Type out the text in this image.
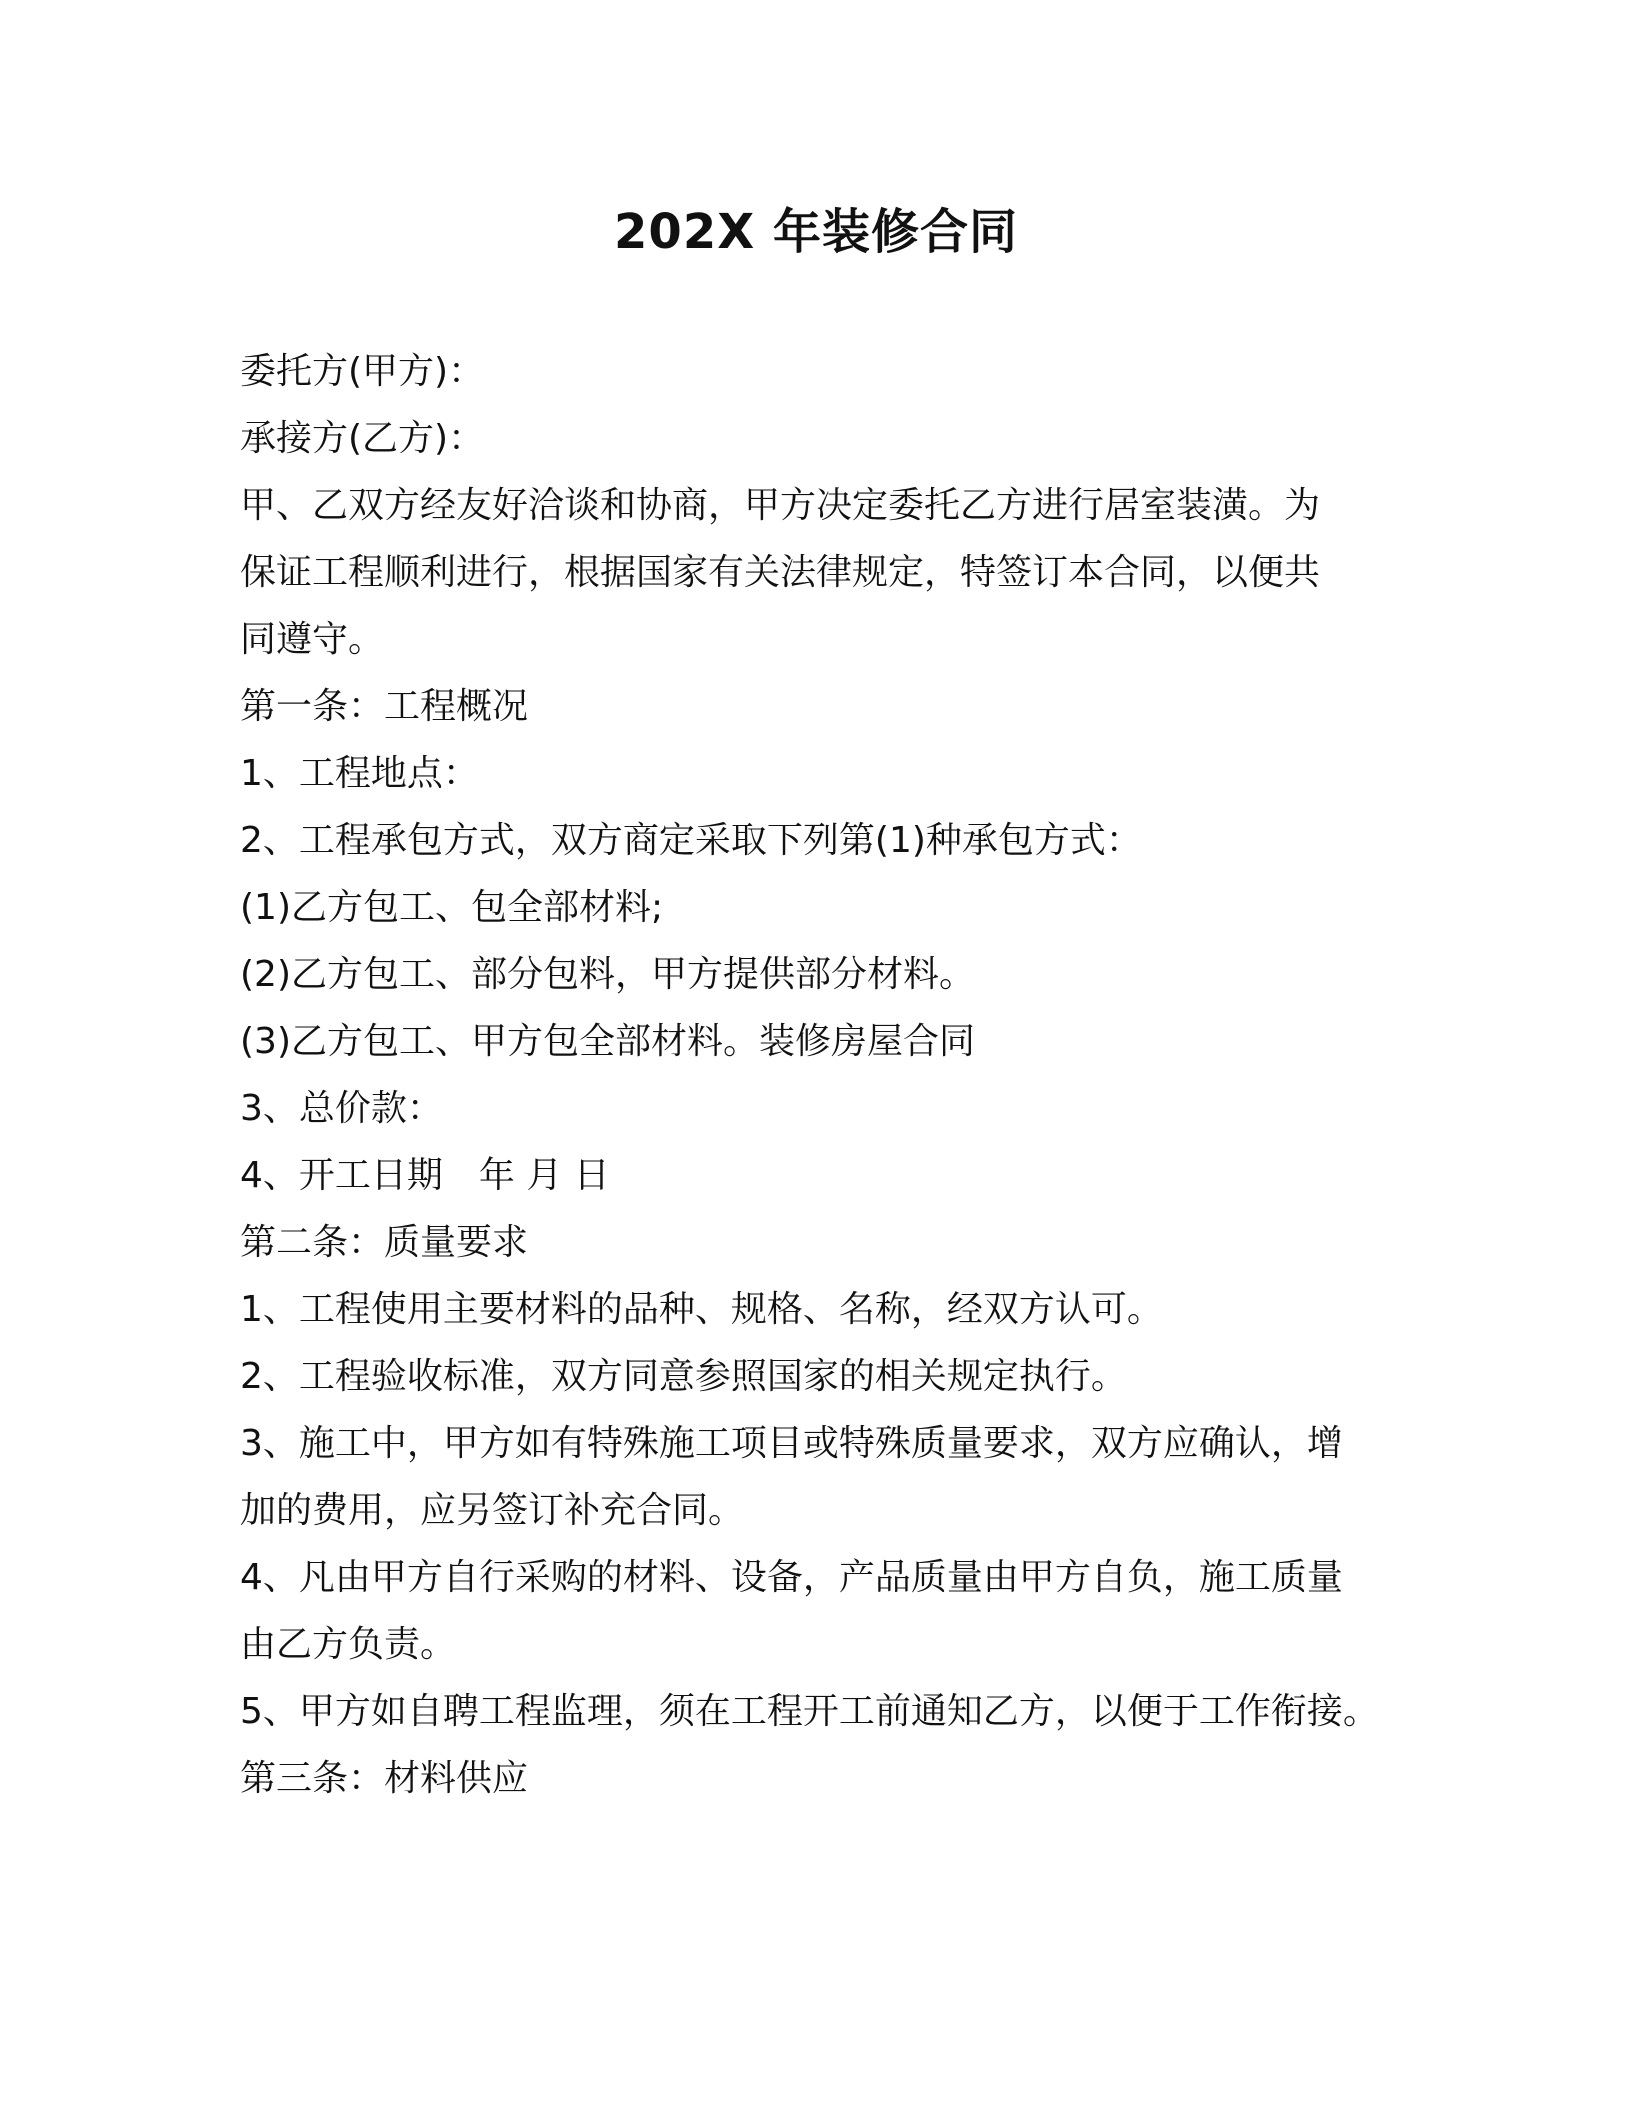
202X 年装修合同
委托方(甲方)：
承接方(乙方)：
甲、乙双方经友好洽谈和协商，甲方决定委托乙方进行居室装潢。为
保证工程顺利进行，根据国家有关法律规定，特签订本合同，以便共
同遵守。
第一条：工程概况
1、工程地点：
2、工程承包方式，双方商定采取下列第(1)种承包方式：
(1)乙方包工、包全部材料;
(2)乙方包工、部分包料，甲方提供部分材料。
(3)乙方包工、甲方包全部材料。装修房屋合同
3、总价款：
4、开工日期　年 月 日
第二条：质量要求
1、工程使用主要材料的品种、规格、名称，经双方认可。
2、工程验收标准，双方同意参照国家的相关规定执行。
3、施工中，甲方如有特殊施工项目或特殊质量要求，双方应确认，增
加的费用，应另签订补充合同。
4、凡由甲方自行采购的材料、设备，产品质量由甲方自负，施工质量
由乙方负责。
5、甲方如自聘工程监理，须在工程开工前通知乙方，以便于工作衔接。
第三条：材料供应
